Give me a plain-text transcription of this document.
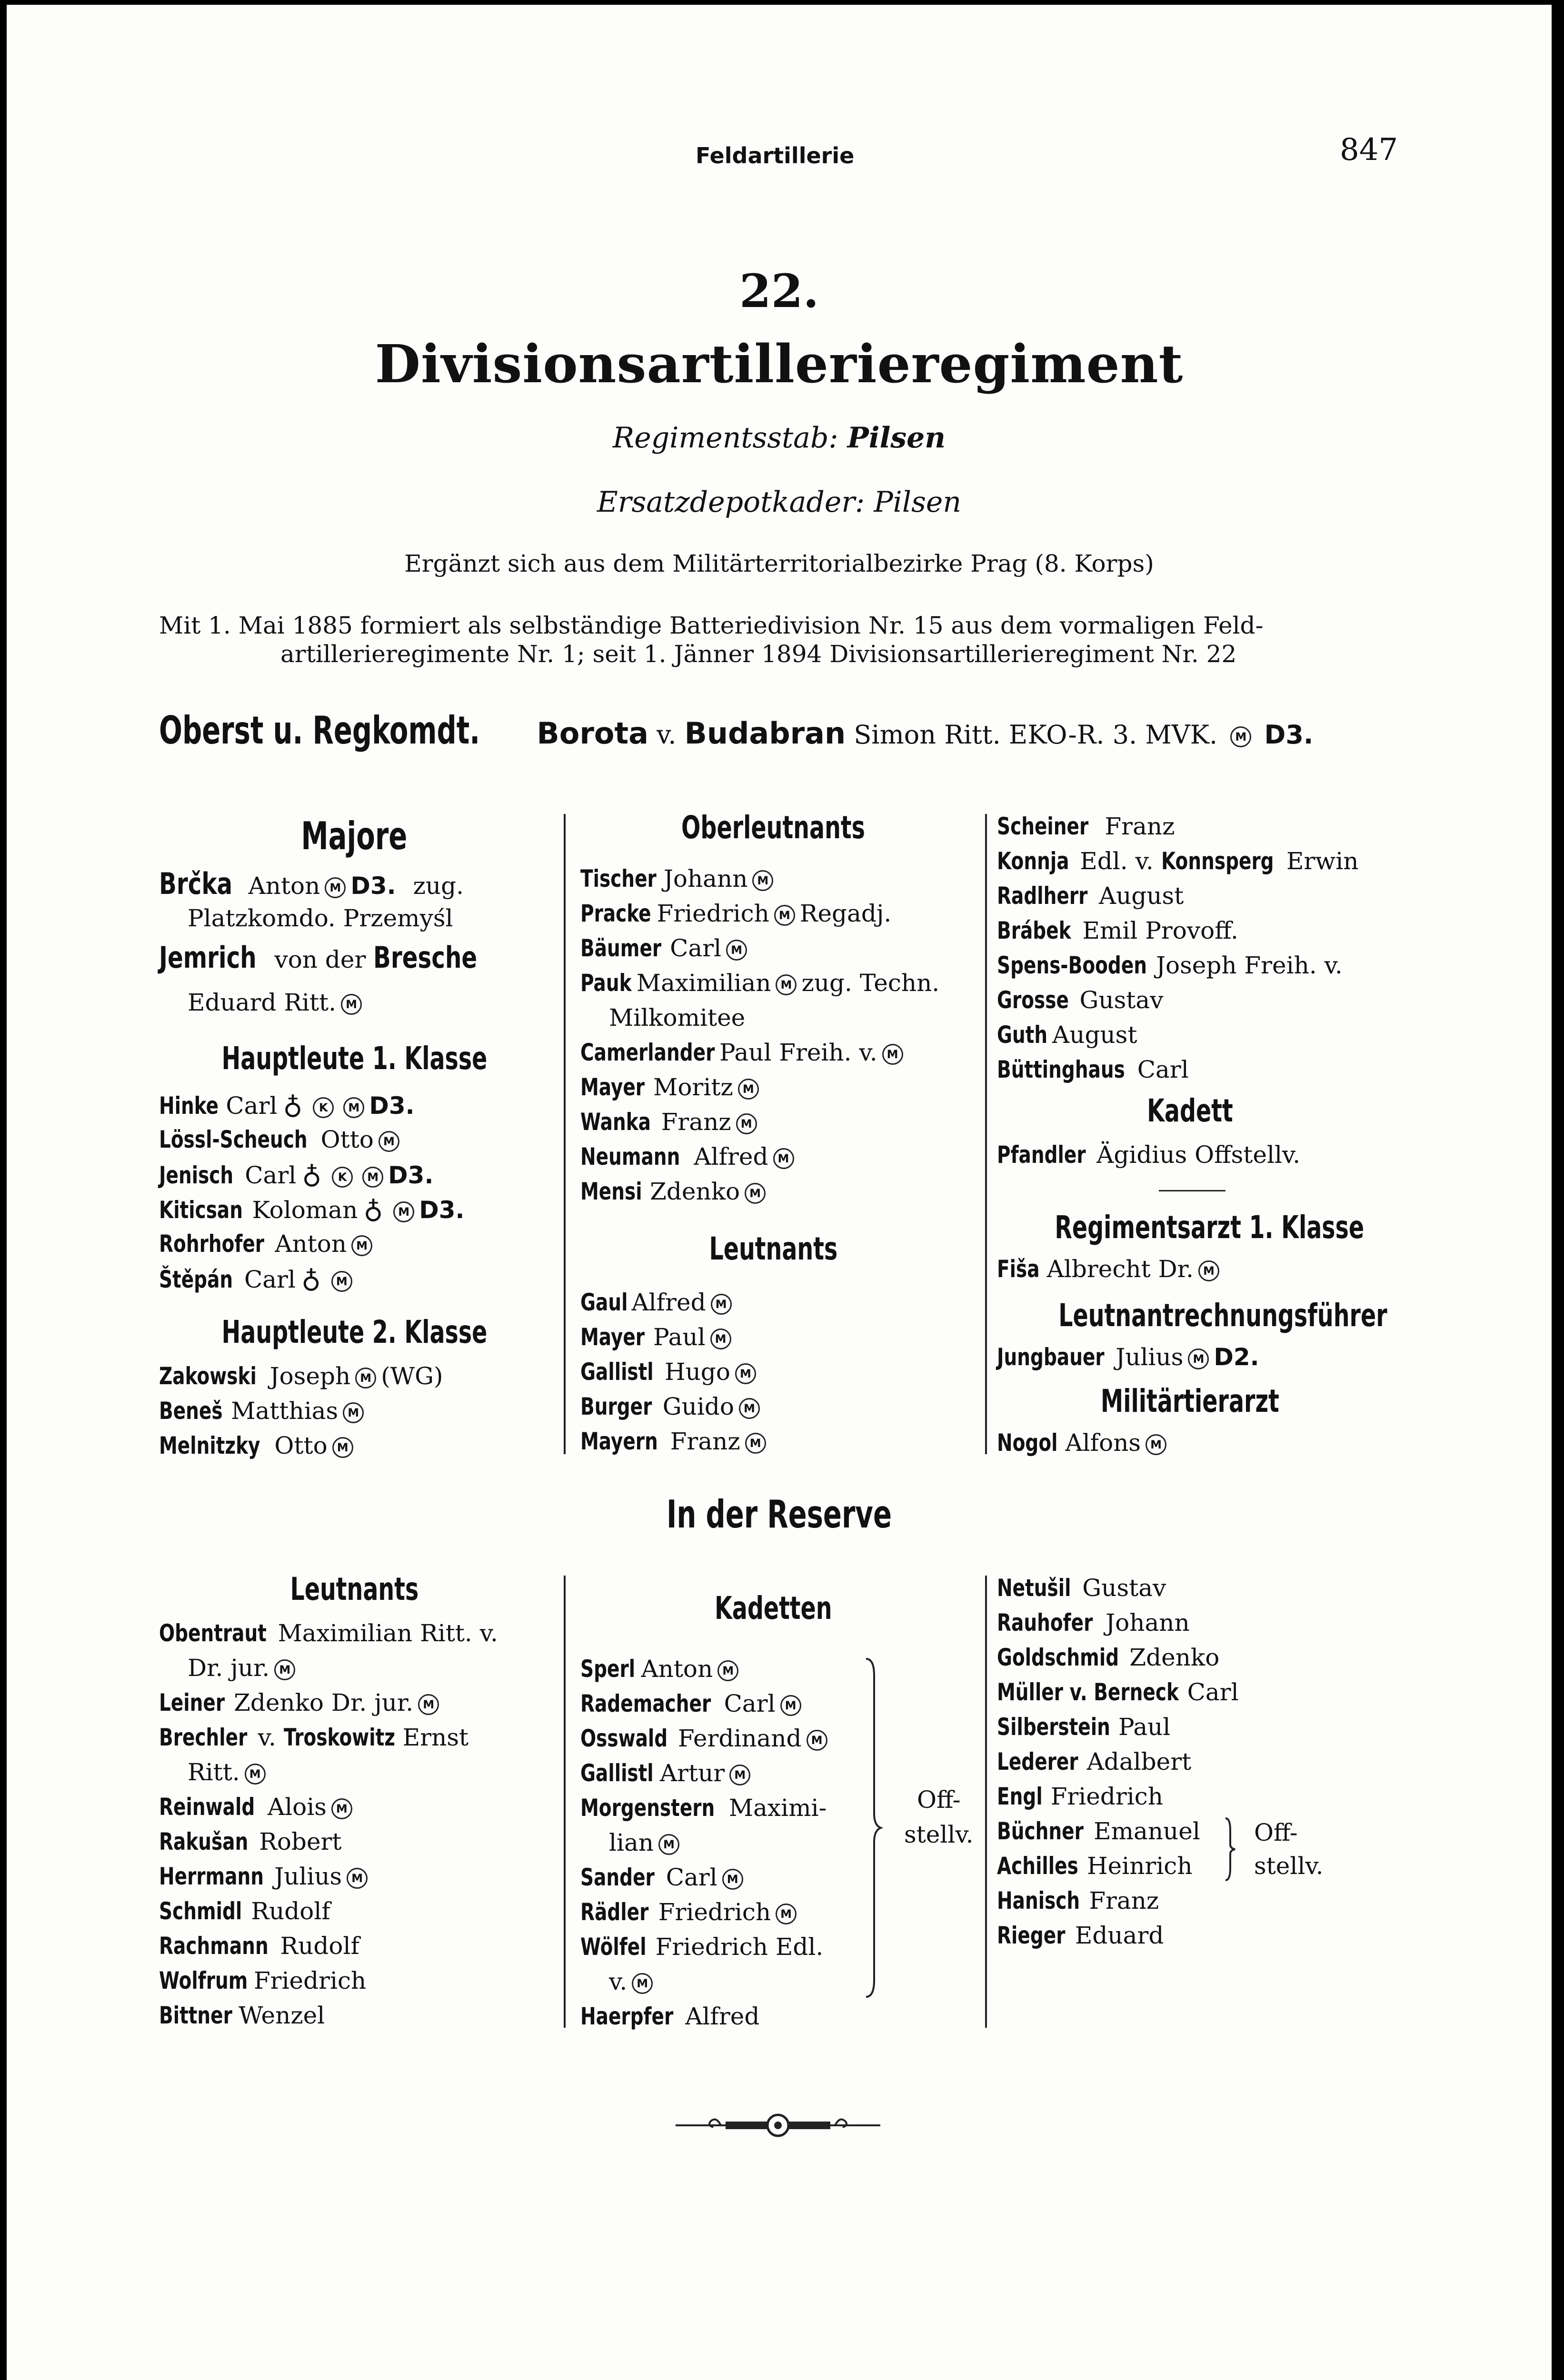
Feldartillerie	847
22.
Divisionsartillerieregiment
Regimentsstab: Pilsen
Ersatzdepotkader: Pilsen
Ergänzt sich aus dem Militärterritorialbezirke Prag (8. Korps)
Mit 1. Mai 1885 formiert als selbständige Batteriedivision Nr. 15 aus dem vormaligen Feld-
artillerieregimente Nr. 1; seit 1. Jänner 1894 Divisionsartillerieregiment Nr. 22
Oberst u. Regkomdt. Borota v. Budabran Simon Ritt. EKO-R. 3. MVK. M D3.
Majore
Brčka Anton M D3. zug.
Platzkomdo. Przemyśl
Jemrich von der Bresche
Eduard Ritt. M
Hauptleute 1. Klasse
Hinke Carl ♁ K M D3.
Lössl-Scheuch Otto M
Jenisch Carl ♁ K M D3.
Kiticsan Koloman ♁ M D3.
Rohrhofer Anton M
Štěpán Carl ♁ M
Hauptleute 2. Klasse
Zakowski Joseph M (WG)
Beneš Matthias M
Melnitzky Otto M
Oberleutnants
Tischer Johann M
Pracke Friedrich M Regadj.
Bäumer Carl M
Pauk Maximilian M zug. Techn.
Milkomitee
Camerlander Paul Freih. v. M
Mayer Moritz M
Wanka Franz M
Neumann Alfred M
Mensi Zdenko M
Leutnants
Gaul Alfred M
Mayer Paul M
Gallistl Hugo M
Burger Guido M
Mayern Franz M
Scheiner Franz
Konnja Edl. v. Konnsperg Erwin
Radlherr August
Brábek Emil Provoff.
Spens-Booden Joseph Freih. v.
Grosse Gustav
Guth August
Büttinghaus Carl
Kadett
Pfandler Ägidius Offstellv.
Regimentsarzt 1. Klasse
Fiša Albrecht Dr. M
Leutnantrechnungsführer
Jungbauer Julius M D2.
Militärtierarzt
Nogol Alfons M
In der Reserve
Leutnants
Obentraut Maximilian Ritt. v.
Dr. jur. M
Leiner Zdenko Dr. jur. M
Brechler v. Troskowitz Ernst
Ritt. M
Reinwald Alois M
Rakušan Robert
Herrmann Julius M
Schmidl Rudolf
Rachmann Rudolf
Wolfrum Friedrich
Bittner Wenzel
Kadetten
Sperl Anton M
Rademacher Carl M
Osswald Ferdinand M
Gallistl Artur M
Morgenstern Maximi-
lian M
Sander Carl M
Rädler Friedrich M
Wölfel Friedrich Edl.
v. M
Haerpfer Alfred
Off-
stellv.
Netušil Gustav
Rauhofer Johann
Goldschmid Zdenko
Müller v. Berneck Carl
Silberstein Paul
Lederer Adalbert
Engl Friedrich
Büchner Emanuel
Achilles Heinrich
Hanisch Franz
Rieger Eduard
Off-
stellv.
